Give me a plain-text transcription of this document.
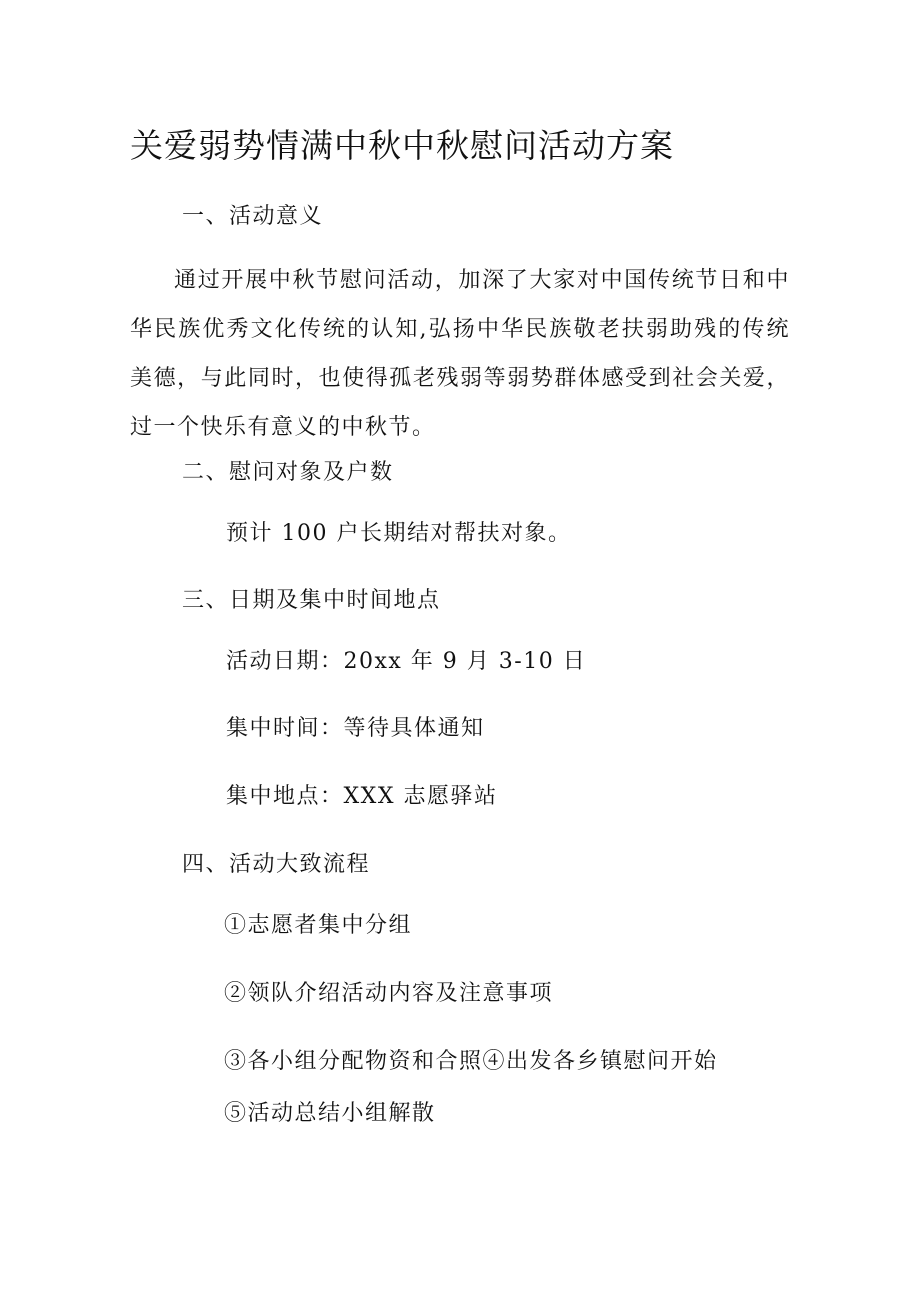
关爱弱势情满中秋中秋慰问活动方案
一、活动意义
通过开展中秋节慰问活动，加深了大家对中国传统节日和中华民族优秀文化传统的认知,弘扬中华民族敬老扶弱助残的传统美德，与此同时，也使得孤老残弱等弱势群体感受到社会关爱，过一个快乐有意义的中秋节。
二、慰问对象及户数
预计 100 户长期结对帮扶对象。
三、日期及集中时间地点
活动日期：20xx 年 9 月 3-10 日
集中时间：等待具体通知
集中地点：XXX 志愿驿站
四、活动大致流程
①志愿者集中分组
②领队介绍活动内容及注意事项
③各小组分配物资和合照④出发各乡镇慰问开始
⑤活动总结小组解散
